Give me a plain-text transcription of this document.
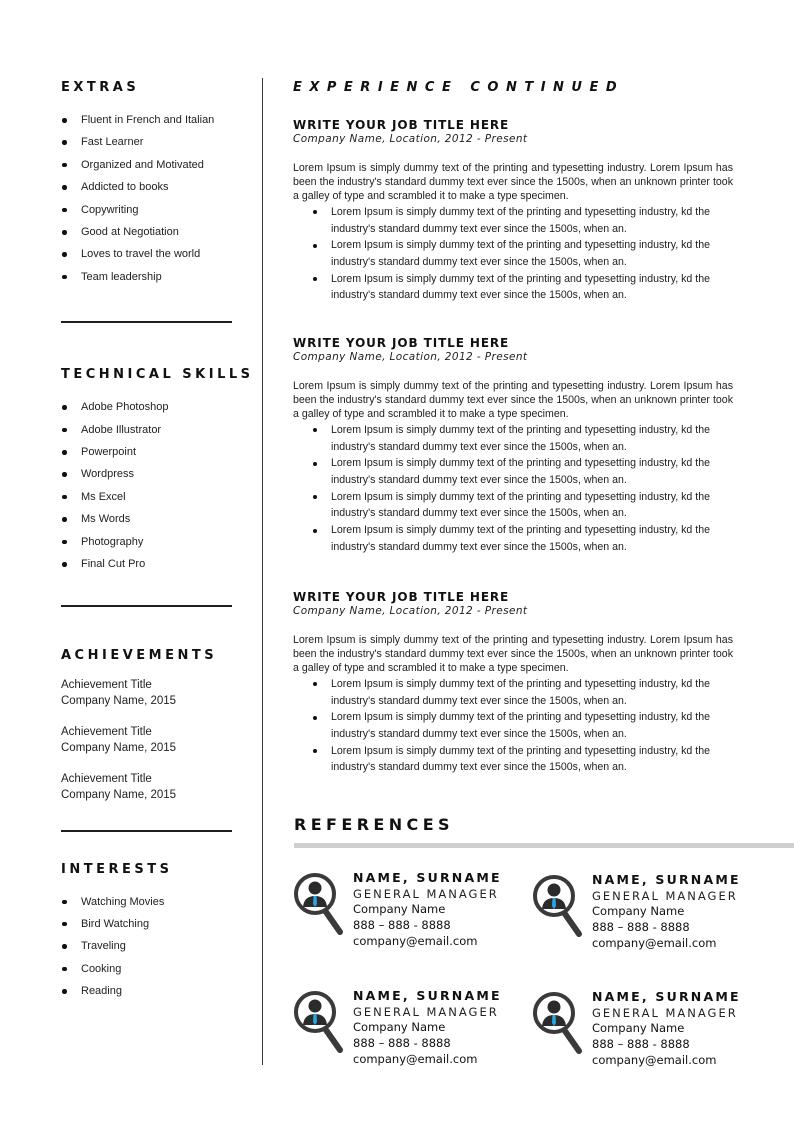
EXTRAS
Fluent in French and Italian
Fast Learner
Organized and Motivated
Addicted to books
Copywriting
Good at Negotiation
Loves to travel the world
Team leadership
TECHNICAL SKILLS
Adobe Photoshop
Adobe Illustrator
Powerpoint
Wordpress
Ms Excel
Ms Words
Photography
Final Cut Pro
ACHIEVEMENTS
Achievement Title
Company Name, 2015
Achievement Title
Company Name, 2015
Achievement Title
Company Name, 2015
INTERESTS
Watching Movies
Bird Watching
Traveling
Cooking
Reading
EXPERIENCE CONTINUED
WRITE YOUR JOB TITLE HERE
Company Name, Location, 2012 - Present
Lorem Ipsum is simply dummy text of the printing and typesetting industry. Lorem Ipsum has been the industry's standard dummy text ever since the 1500s, when an unknown printer took a galley of type and scrambled it to make a type specimen.
Lorem Ipsum is simply dummy text of the printing and typesetting industry, kd the industry's standard dummy text ever since the 1500s, when an.
Lorem Ipsum is simply dummy text of the printing and typesetting industry, kd the industry's standard dummy text ever since the 1500s, when an.
Lorem Ipsum is simply dummy text of the printing and typesetting industry, kd the industry's standard dummy text ever since the 1500s, when an.
WRITE YOUR JOB TITLE HERE
Company Name, Location, 2012 - Present
Lorem Ipsum is simply dummy text of the printing and typesetting industry. Lorem Ipsum has been the industry's standard dummy text ever since the 1500s, when an unknown printer took a galley of type and scrambled it to make a type specimen.
Lorem Ipsum is simply dummy text of the printing and typesetting industry, kd the industry's standard dummy text ever since the 1500s, when an.
Lorem Ipsum is simply dummy text of the printing and typesetting industry, kd the industry's standard dummy text ever since the 1500s, when an.
Lorem Ipsum is simply dummy text of the printing and typesetting industry, kd the industry's standard dummy text ever since the 1500s, when an.
Lorem Ipsum is simply dummy text of the printing and typesetting industry, kd the industry's standard dummy text ever since the 1500s, when an.
WRITE YOUR JOB TITLE HERE
Company Name, Location, 2012 - Present
Lorem Ipsum is simply dummy text of the printing and typesetting industry. Lorem Ipsum has been the industry's standard dummy text ever since the 1500s, when an unknown printer took a galley of type and scrambled it to make a type specimen.
Lorem Ipsum is simply dummy text of the printing and typesetting industry, kd the industry's standard dummy text ever since the 1500s, when an.
Lorem Ipsum is simply dummy text of the printing and typesetting industry, kd the industry's standard dummy text ever since the 1500s, when an.
Lorem Ipsum is simply dummy text of the printing and typesetting industry, kd the industry's standard dummy text ever since the 1500s, when an.
REFERENCES
NAME, SURNAME
GENERAL MANAGER
Company Name
888 – 888 - 8888
company@email.com
NAME, SURNAME
GENERAL MANAGER
Company Name
888 – 888 - 8888
company@email.com
NAME, SURNAME
GENERAL MANAGER
Company Name
888 – 888 - 8888
company@email.com
NAME, SURNAME
GENERAL MANAGER
Company Name
888 – 888 - 8888
company@email.com
